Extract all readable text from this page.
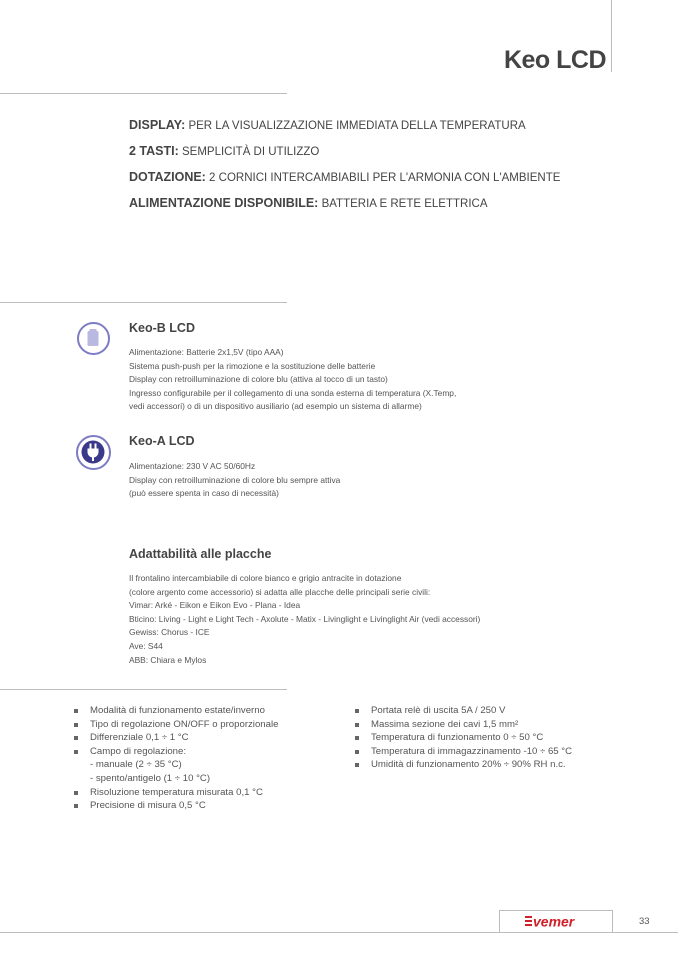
Keo LCD
DISPLAY: PER LA VISUALIZZAZIONE IMMEDIATA DELLA TEMPERATURA
2 TASTI: SEMPLICITÀ DI UTILIZZO
DOTAZIONE: 2 CORNICI INTERCAMBIABILI PER L'ARMONIA CON L'AMBIENTE
ALIMENTAZIONE DISPONIBILE: BATTERIA E RETE ELETTRICA
Keo-B LCD
Alimentazione: Batterie 2x1,5V (tipo AAA)
Sistema push-push per la rimozione e la sostituzione delle batterie
Display con retroilluminazione di colore blu (attiva al tocco di un tasto)
Ingresso configurabile per il collegamento di una sonda esterna di temperatura (X.Temp,
vedi accessori) o di un dispositivo ausiliario (ad esempio un sistema di allarme)
Keo-A LCD
Alimentazione: 230 V AC 50/60Hz
Display con retroilluminazione di colore blu sempre attiva
(può essere spenta in caso di necessità)
Adattabilità alle placche
Il frontalino intercambiabile di colore bianco e grigio antracite in dotazione
(colore argento come accessorio) si adatta alle placche delle principali serie civili:
Vimar: Arké - Eikon e Eikon Evo - Plana - Idea
Bticino: Living - Light e Light Tech - Axolute - Matix - Livinglight e Livinglight Air (vedi accessori)
Gewiss: Chorus - ICE
Ave: S44
ABB: Chiara e Mylos
Modalità di funzionamento estate/inverno
Tipo di regolazione ON/OFF o proporzionale
Differenziale 0,1 ÷ 1 °C
Campo di regolazione:
- manuale (2 ÷ 35 °C)
- spento/antigelo (1 ÷ 10 °C)
Risoluzione temperatura misurata 0,1 °C
Precisione di misura 0,5 °C
Portata relè di uscita 5A / 250 V
Massima sezione dei cavi 1,5 mm²
Temperatura di funzionamento 0 ÷ 50 °C
Temperatura di immagazzinamento -10 ÷ 65 °C
Umidità di funzionamento 20% ÷ 90% RH n.c.
vemer	33
